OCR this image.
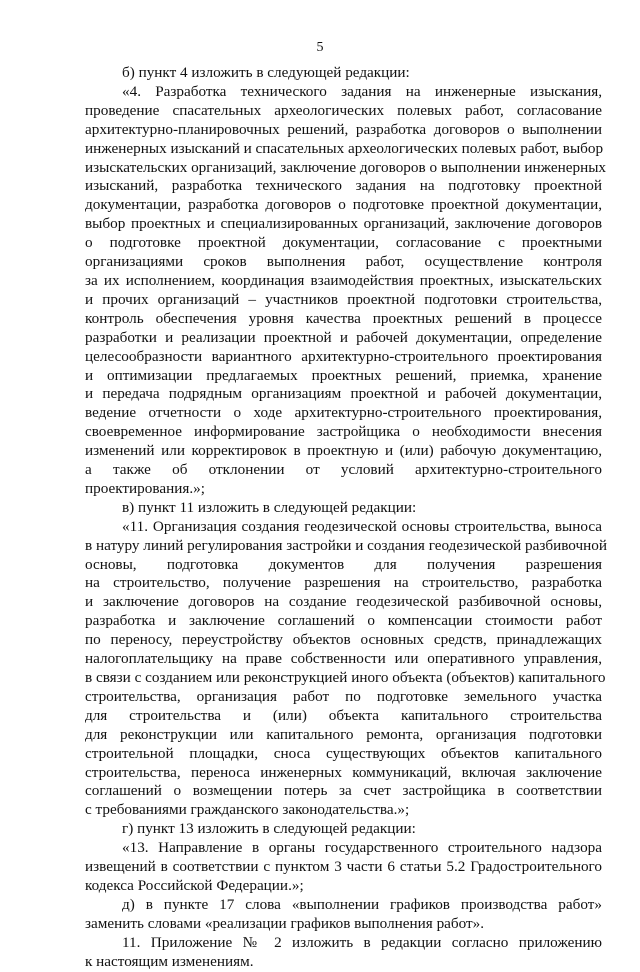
5
б) пункт 4 изложить в следующей редакции:
«4. Разработка технического задания на инженерные изыскания,
проведение спасательных археологических полевых работ, согласование
архитектурно-планировочных решений, разработка договоров о выполнении
инженерных изысканий и спасательных археологических полевых работ, выбор
изыскательских организаций, заключение договоров о выполнении инженерных
изысканий, разработка технического задания на подготовку проектной
документации, разработка договоров о подготовке проектной документации,
выбор проектных и специализированных организаций, заключение договоров
о подготовке проектной документации, согласование с проектными
организациями сроков выполнения работ, осуществление контроля
за их исполнением, координация взаимодействия проектных, изыскательских
и прочих организаций – участников проектной подготовки строительства,
контроль обеспечения уровня качества проектных решений в процессе
разработки и реализации проектной и рабочей документации, определение
целесообразности вариантного архитектурно-строительного проектирования
и оптимизации предлагаемых проектных решений, приемка, хранение
и передача подрядным организациям проектной и рабочей документации,
ведение отчетности о ходе архитектурно-строительного проектирования,
своевременное информирование застройщика о необходимости внесения
изменений или корректировок в проектную и (или) рабочую документацию,
а также об отклонении от условий архитектурно-строительного
проектирования.»;
в) пункт 11 изложить в следующей редакции:
«11. Организация создания геодезической основы строительства, выноса
в натуру линий регулирования застройки и создания геодезической разбивочной
основы, подготовка документов для получения разрешения
на строительство, получение разрешения на строительство, разработка
и заключение договоров на создание геодезической разбивочной основы,
разработка и заключение соглашений о компенсации стоимости работ
по переносу, переустройству объектов основных средств, принадлежащих
налогоплательщику на праве собственности или оперативного управления,
в связи с созданием или реконструкцией иного объекта (объектов) капитального
строительства, организация работ по подготовке земельного участка
для строительства и (или) объекта капитального строительства
для реконструкции или капитального ремонта, организация подготовки
строительной площадки, сноса существующих объектов капитального
строительства, переноса инженерных коммуникаций, включая заключение
соглашений о возмещении потерь за счет застройщика в соответствии
с требованиями гражданского законодательства.»;
г) пункт 13 изложить в следующей редакции:
«13. Направление в органы государственного строительного надзора
извещений в соответствии с пунктом 3 части 6 статьи 5.2 Градостроительного
кодекса Российской Федерации.»;
д) в пункте 17 слова «выполнении графиков производства работ»
заменить словами «реализации графиков выполнения работ».
11. Приложение № 2 изложить в редакции согласно приложению
к настоящим изменениям.
